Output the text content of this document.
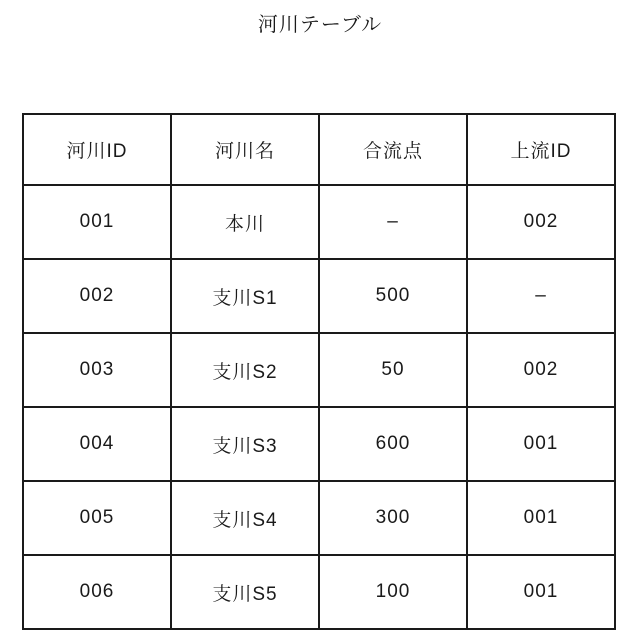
河川テーブル
河川ID	河川名	合流点	上流ID
001	本川	–	002
002	支川S1	500	–
003	支川S2	50	002
004	支川S3	600	001
005	支川S4	300	001
006	支川S5	100	001
